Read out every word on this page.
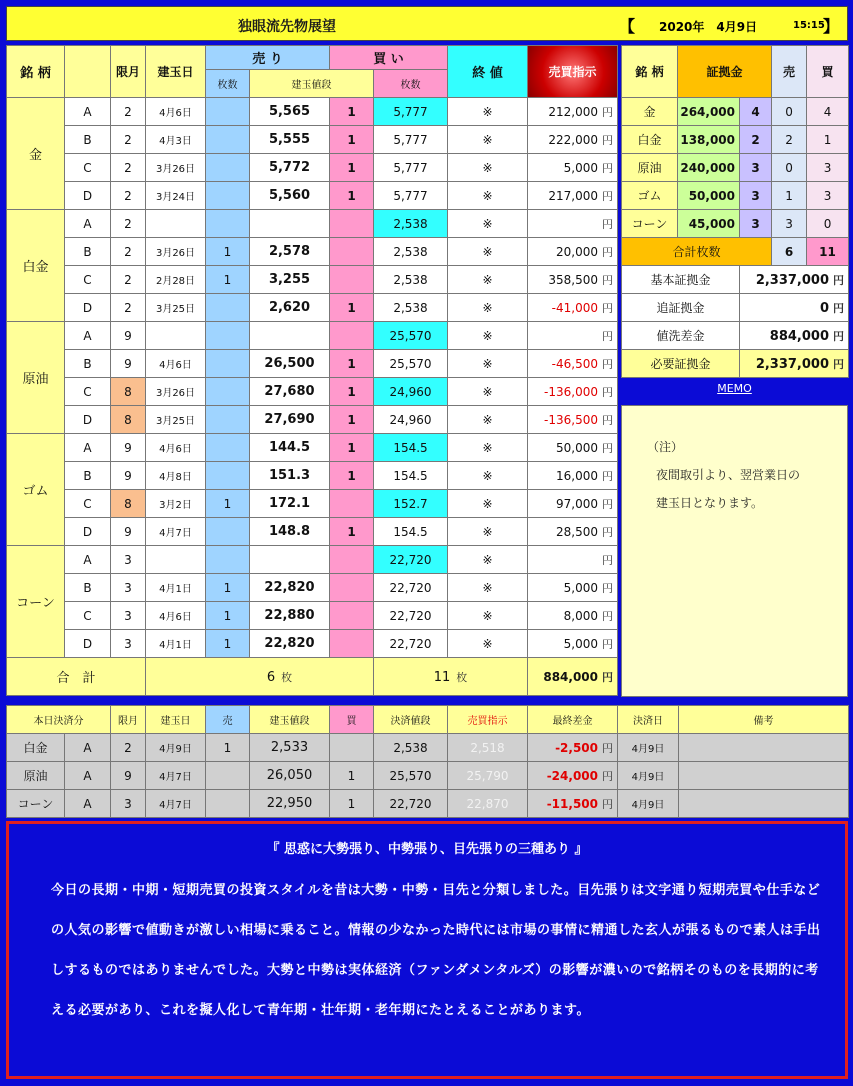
独眼流先物展望	【 2020年　4月9日	15:15
】
銘 柄		限月	建玉日	売 り		買 い		終 値	売買指示	
				枚数	建玉値段		枚数			
金	A	2	4月6日		5,565	1	5,777	※	212,000 円	
	B	2	4月3日		5,555	1	5,777	※	222,000 円	
	C	2	3月26日		5,772	1	5,777	※	5,000 円	
	D	2	3月24日		5,560	1	5,777	※	217,000 円	
白金	A	2					2,538	※	円	
	B	2	3月26日	1	2,578		2,538	※	20,000 円	
	C	2	2月28日	1	3,255		2,538	※	358,500 円	
	D	2	3月25日		2,620	1	2,538	※	-41,000 円	
原油	A	9					25,570	※	円	
	B	9	4月6日		26,500	1	25,570	※	-46,500 円	
	C	8	3月26日		27,680	1	24,960	※	-136,000 円	
	D	8	3月25日		27,690	1	24,960	※	-136,500 円	
ゴム	A	9	4月6日		144.5	1	154.5	※	50,000 円	
	B	9	4月8日		151.3	1	154.5	※	16,000 円	
	C	8	3月2日	1	172.1		152.7	※	97,000 円	
	D	9	4月7日		148.8	1	154.5	※	28,500 円	
コーン	A	3					22,720	※	円	
	B	3	4月1日	1	22,820		22,720	※	5,000 円	
	C	3	4月6日	1	22,880		22,720	※	8,000 円	
	D	3	4月1日	1	22,820		22,720	※	5,000 円	
合　計			6 枚				11 枚		884,000 円	
銘 柄	証拠金		売	買
金	264,000	4	0	4
白金	138,000	2	2	1
原油	240,000	3	0	3
ゴム	50,000	3	1	3
コーン	45,000	3	3	0
合計枚数			6	11
基本証拠金		2,337,000 円		
追証拠金		0 円		
値洗差金		884,000 円		
必要証拠金		2,337,000 円		
MEMO
（注）
夜間取引より、翌営業日の
建玉日となります。
本日決済分		限月	建玉日	売	建玉値段	買	決済値段	売買指示	最終差金	決済日	備考
白金	A	2	4月9日	1	2,533		2,538	2,518	-2,500 円	4月9日	
原油	A	9	4月7日		26,050	1	25,570	25,790	-24,000 円	4月9日	
コーン	A	3	4月7日		22,950	1	22,720	22,870	-11,500 円	4月9日	
『 思惑に大勢張り、中勢張り、目先張りの三種あり 』
今日の長期・中期・短期売買の投資スタイルを昔は大勢・中勢・目先と分類しました。目先張りは文字通り短期売買や仕手などの人気の影響で値動きが激しい相場に乗ること。情報の少なかった時代には市場の事情に精通した玄人が張るもので素人は手出しするものではありませんでした。大勢と中勢は実体経済（ファンダメンタルズ）の影響が濃いので銘柄そのものを長期的に考える必要があり、これを擬人化して青年期・壮年期・老年期にたとえることがあります。
